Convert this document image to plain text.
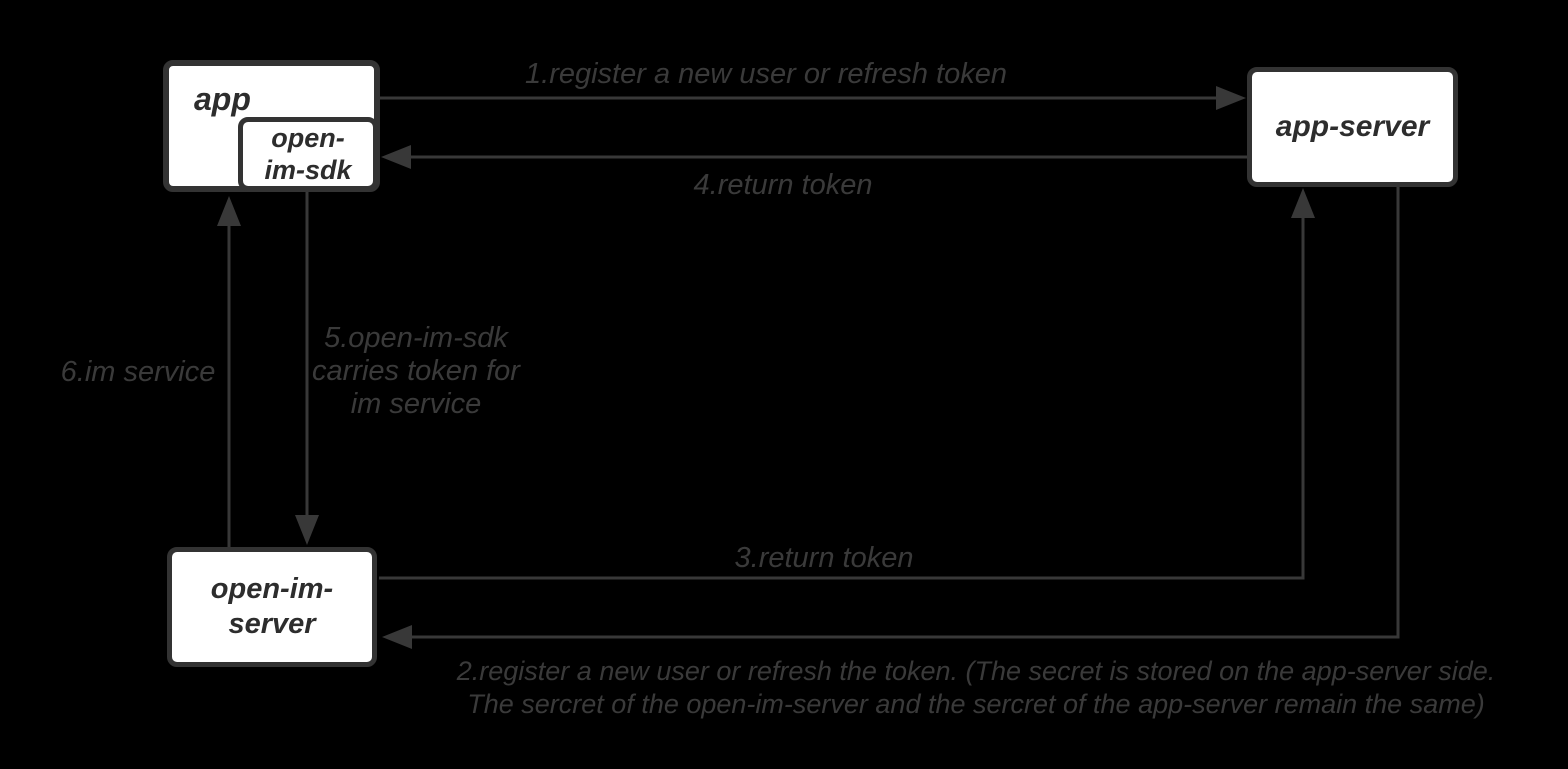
app
open-
im-sdk
app-server
open-im-
server
1.register a new user or refresh token
4.return token
6.im service
3.return token
5.open-im-sdk
carries token for
im service
2.register a new user or refresh the token. (The secret is stored on the app-server side.
The sercret of the open-im-server and the sercret of the app-server remain the same)
